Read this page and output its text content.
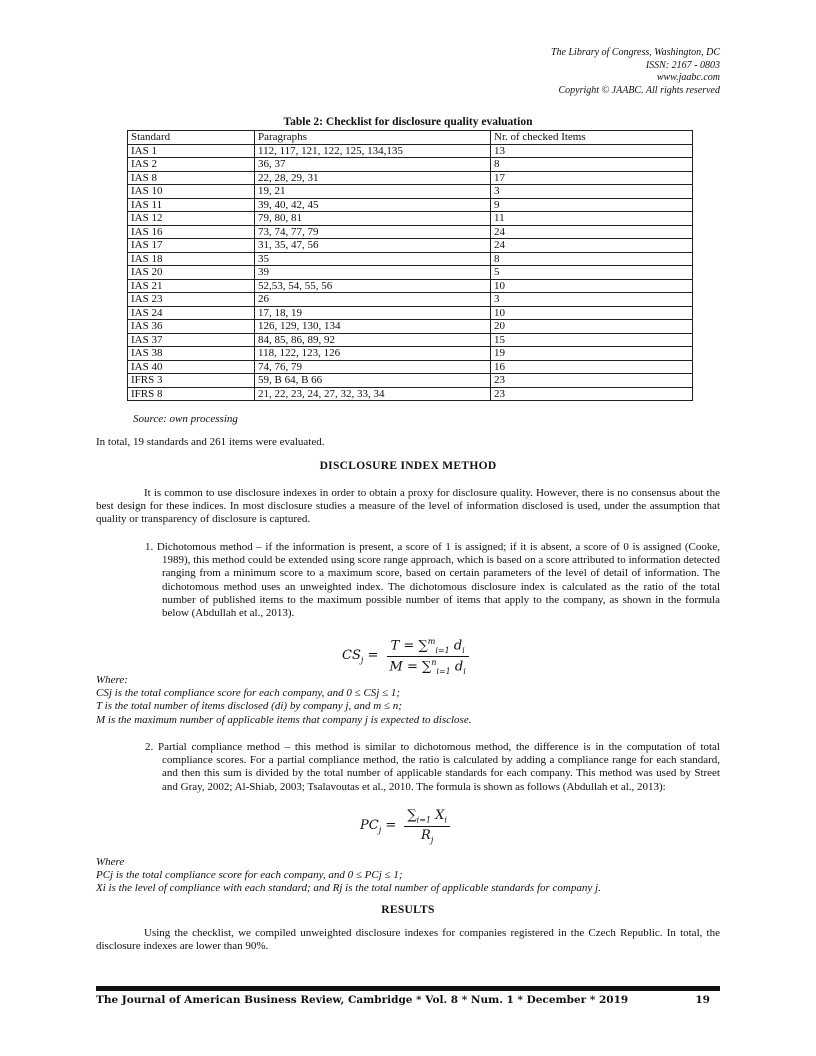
The Library of Congress, Washington, DC
ISSN: 2167 - 0803
www.jaabc.com
Copyright © JAABC. All rights reserved
Table 2: Checklist for disclosure quality evaluation
Standard	Paragraphs	Nr. of checked Items
IAS 1	112, 117, 121, 122, 125, 134,135	13
IAS 2	36, 37	8
IAS 8	22, 28, 29, 31	17
IAS 10	19, 21	3
IAS 11	39, 40, 42, 45	9
IAS 12	79, 80, 81	11
IAS 16	73, 74, 77, 79	24
IAS 17	31, 35, 47, 56	24
IAS 18	35	8
IAS 20	39	5
IAS 21	52,53, 54, 55, 56	10
IAS 23	26	3
IAS 24	17, 18, 19	10
IAS 36	126, 129, 130, 134	20
IAS 37	84, 85, 86, 89, 92	15
IAS 38	118, 122, 123, 126	19
IAS 40	74, 76, 79	16
IFRS 3	59, B 64, B 66	23
IFRS 8	21, 22, 23, 24, 27, 32, 33, 34	23
Source: own processing
In total, 19 standards and 261 items were evaluated.
DISCLOSURE INDEX METHOD
It is common to use disclosure indexes in order to obtain a proxy for disclosure quality. However, there is no consensus about the best design for these indices. In most disclosure studies a measure of the level of information disclosed is used, under the assumption that quality or transparency of disclosure is captured.
1. Dichotomous method – if the information is present, a score of 1 is assigned; if it is absent, a score of 0 is assigned (Cooke, 1989), this method could be extended using score range approach, which is based on a score attributed to information detected ranging from a minimum score to a maximum score, based on certain parameters of the level of detail of information. The dichotomous method uses an unweighted index. The dichotomous disclosure index is calculated as the ratio of the total number of published items to the maximum possible number of items that apply to the company, as shown in the formula below (Abdullah et al., 2013).
$CS_j = \frac{T = \sum^m_{i=1} d_i}{M = \sum^n_{i=1} d_i}$
Where:
CSj is the total compliance score for each company, and 0 ≤ CSj ≤ 1;
T is the total number of items disclosed (di) by company j, and m ≤ n;
M is the maximum number of applicable items that company j is expected to disclose.
2. Partial compliance method – this method is similar to dichotomous method, the difference is in the computation of total compliance scores. For a partial compliance method, the ratio is calculated by adding a compliance range for each standard, and then this sum is divided by the total number of applicable standards for each company. This method was used by Street and Gray, 2002; Al-Shiab, 2003; Tsalavoutas et al., 2010. The formula is shown as follows (Abdullah et al., 2013):
$PC_j = \frac{\sum_{i=1} X_i}{R_j}$
Where
PCj is the total compliance score for each company, and 0 ≤ PCj ≤ 1;
Xi is the level of compliance with each standard; and Rj is the total number of applicable standards for company j.
RESULTS
Using the checklist, we compiled unweighted disclosure indexes for companies registered in the Czech Republic. In total, the disclosure indexes are lower than 90%.
The Journal of American Business Review, Cambridge * Vol. 8 * Num. 1 * December * 2019	19
